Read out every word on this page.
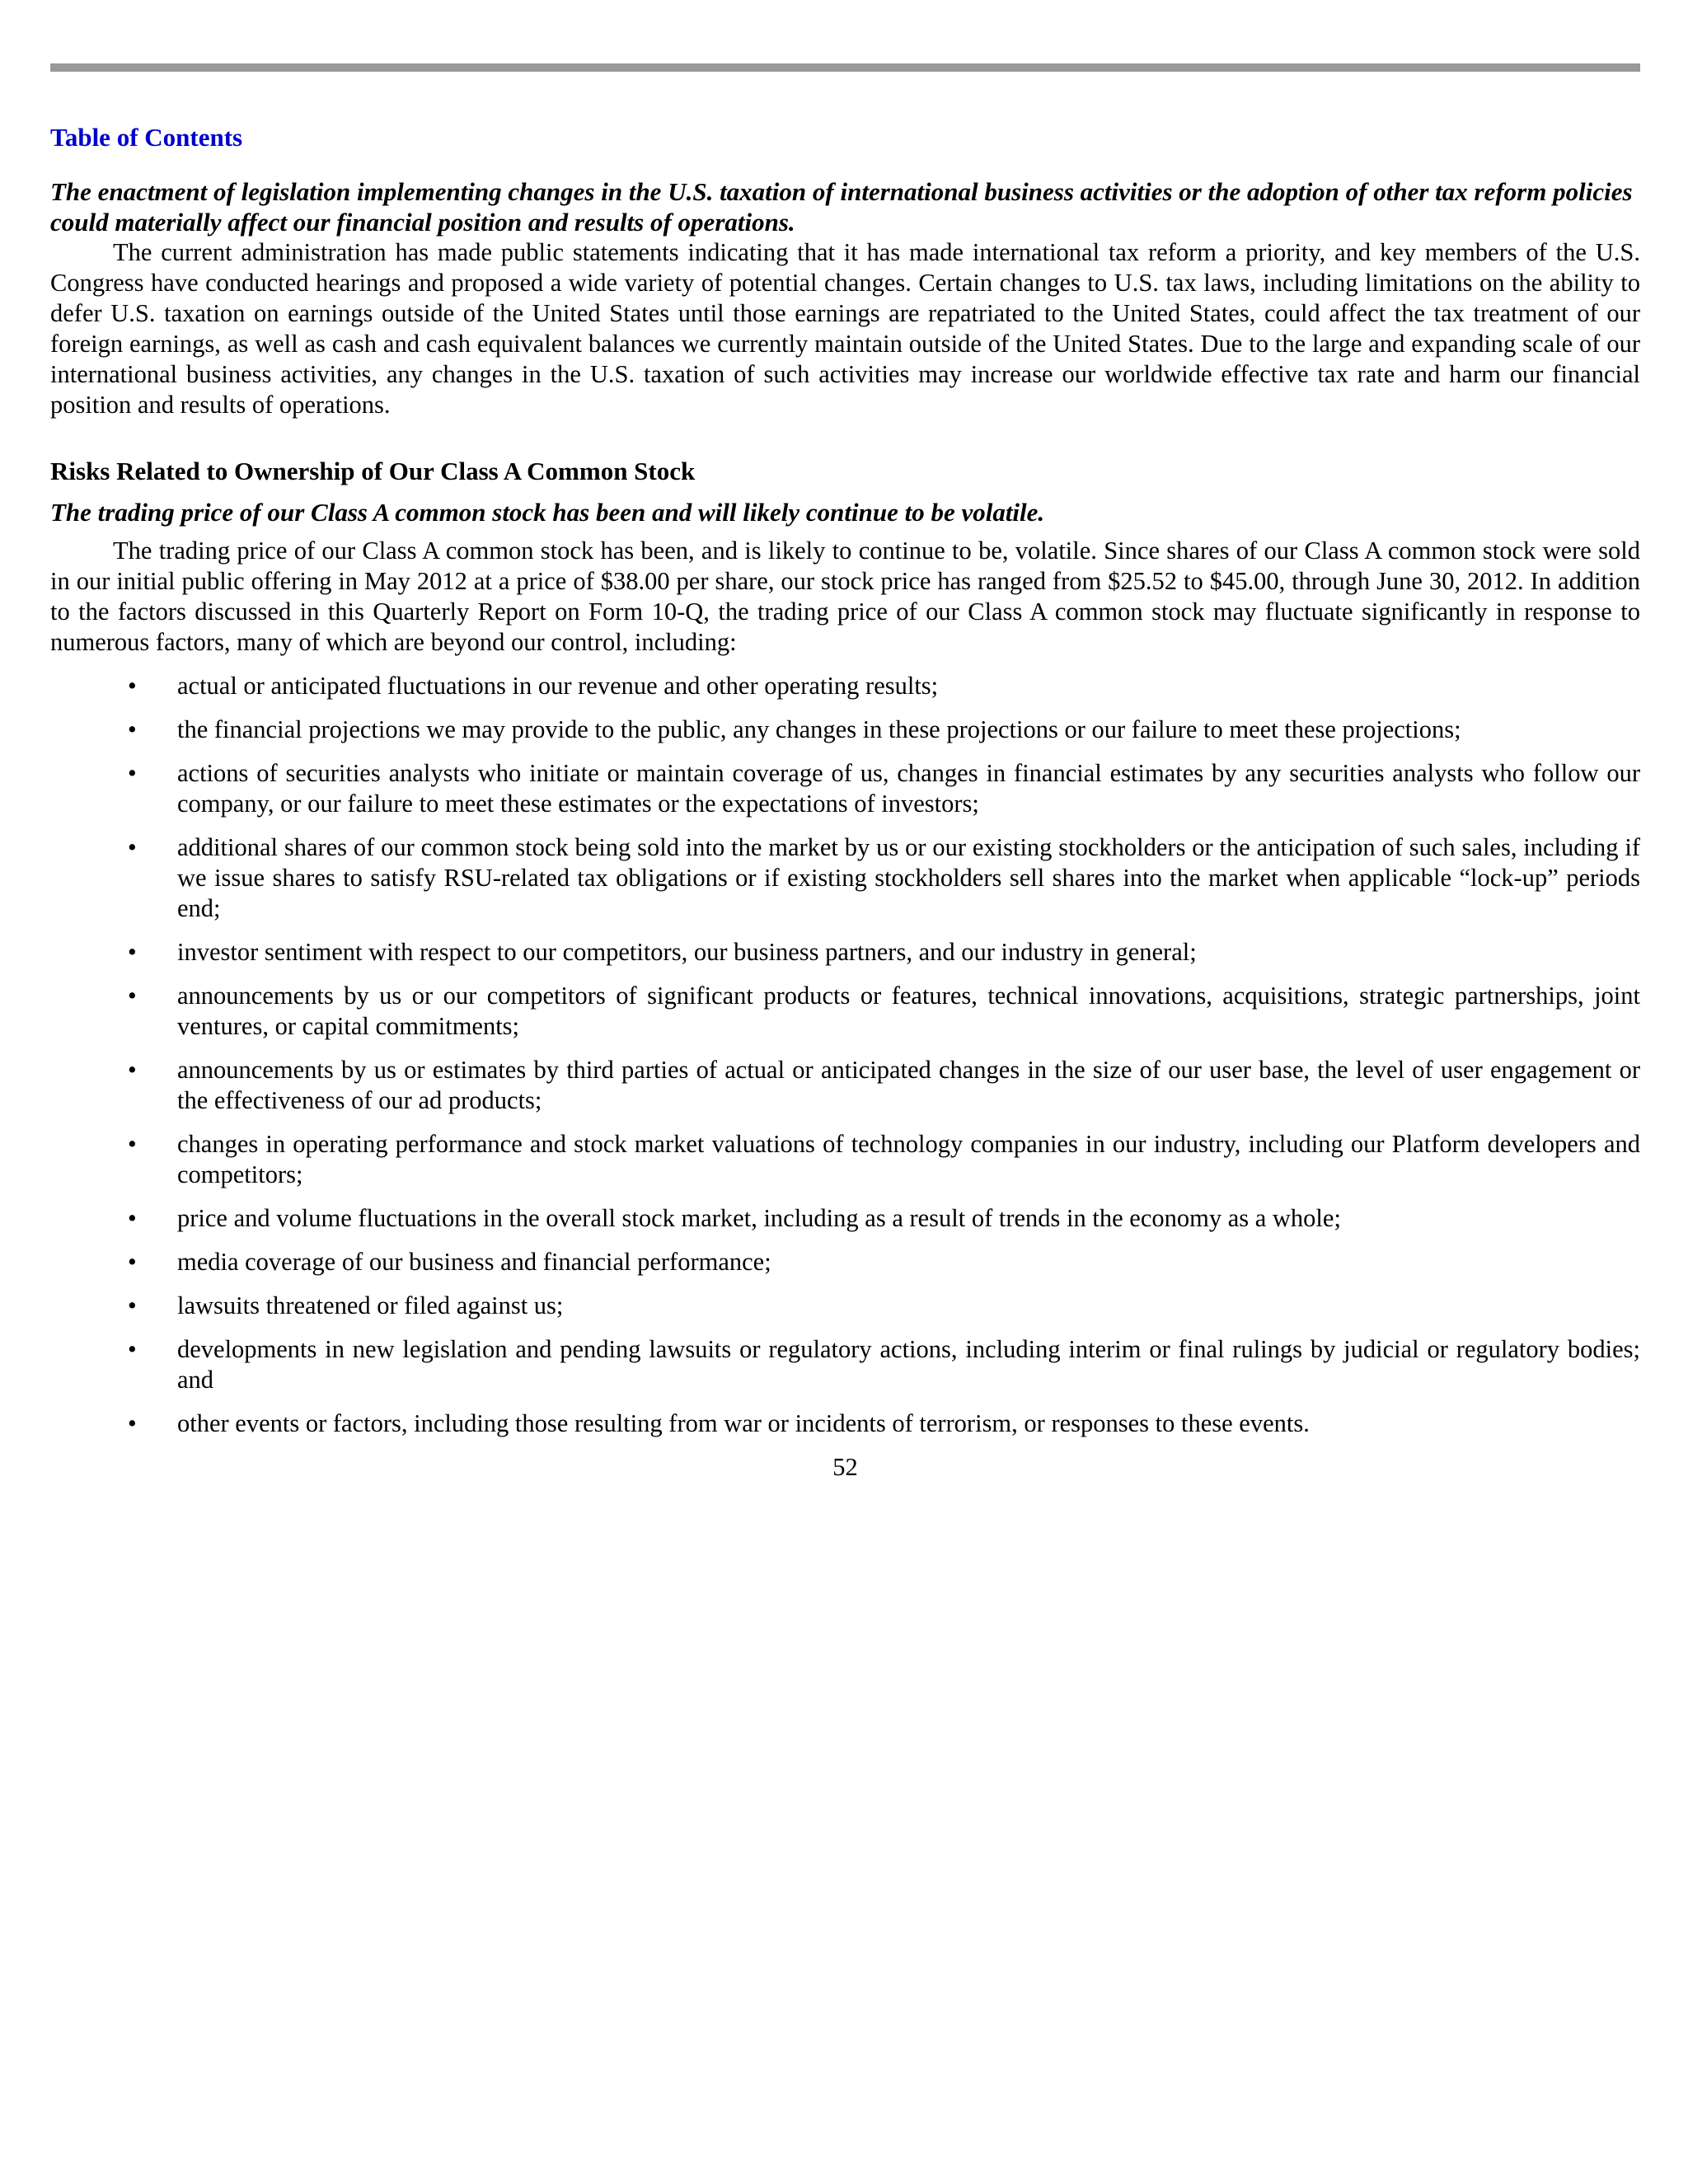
Table of Contents

The enactment of legislation implementing changes in the U.S. taxation of international business activities or the adoption of other tax reform policies could materially affect our financial position and results of operations.

The current administration has made public statements indicating that it has made international tax reform a priority, and key members of the U.S. Congress have conducted hearings and proposed a wide variety of potential changes. Certain changes to U.S. tax laws, including limitations on the ability to defer U.S. taxation on earnings outside of the United States until those earnings are repatriated to the United States, could affect the tax treatment of our foreign earnings, as well as cash and cash equivalent balances we currently maintain outside of the United States. Due to the large and expanding scale of our international business activities, any changes in the U.S. taxation of such activities may increase our worldwide effective tax rate and harm our financial position and results of operations.

Risks Related to Ownership of Our Class A Common Stock

The trading price of our Class A common stock has been and will likely continue to be volatile.

The trading price of our Class A common stock has been, and is likely to continue to be, volatile. Since shares of our Class A common stock were sold in our initial public offering in May 2012 at a price of $38.00 per share, our stock price has ranged from $25.52 to $45.00, through June 30, 2012. In addition to the factors discussed in this Quarterly Report on Form 10-Q, the trading price of our Class A common stock may fluctuate significantly in response to numerous factors, many of which are beyond our control, including:

• actual or anticipated fluctuations in our revenue and other operating results;
• the financial projections we may provide to the public, any changes in these projections or our failure to meet these projections;
• actions of securities analysts who initiate or maintain coverage of us, changes in financial estimates by any securities analysts who follow our company, or our failure to meet these estimates or the expectations of investors;
• additional shares of our common stock being sold into the market by us or our existing stockholders or the anticipation of such sales, including if we issue shares to satisfy RSU-related tax obligations or if existing stockholders sell shares into the market when applicable “lock-up” periods end;
• investor sentiment with respect to our competitors, our business partners, and our industry in general;
• announcements by us or our competitors of significant products or features, technical innovations, acquisitions, strategic partnerships, joint ventures, or capital commitments;
• announcements by us or estimates by third parties of actual or anticipated changes in the size of our user base, the level of user engagement or the effectiveness of our ad products;
• changes in operating performance and stock market valuations of technology companies in our industry, including our Platform developers and competitors;
• price and volume fluctuations in the overall stock market, including as a result of trends in the economy as a whole;
• media coverage of our business and financial performance;
• lawsuits threatened or filed against us;
• developments in new legislation and pending lawsuits or regulatory actions, including interim or final rulings by judicial or regulatory bodies; and
• other events or factors, including those resulting from war or incidents of terrorism, or responses to these events.

52
